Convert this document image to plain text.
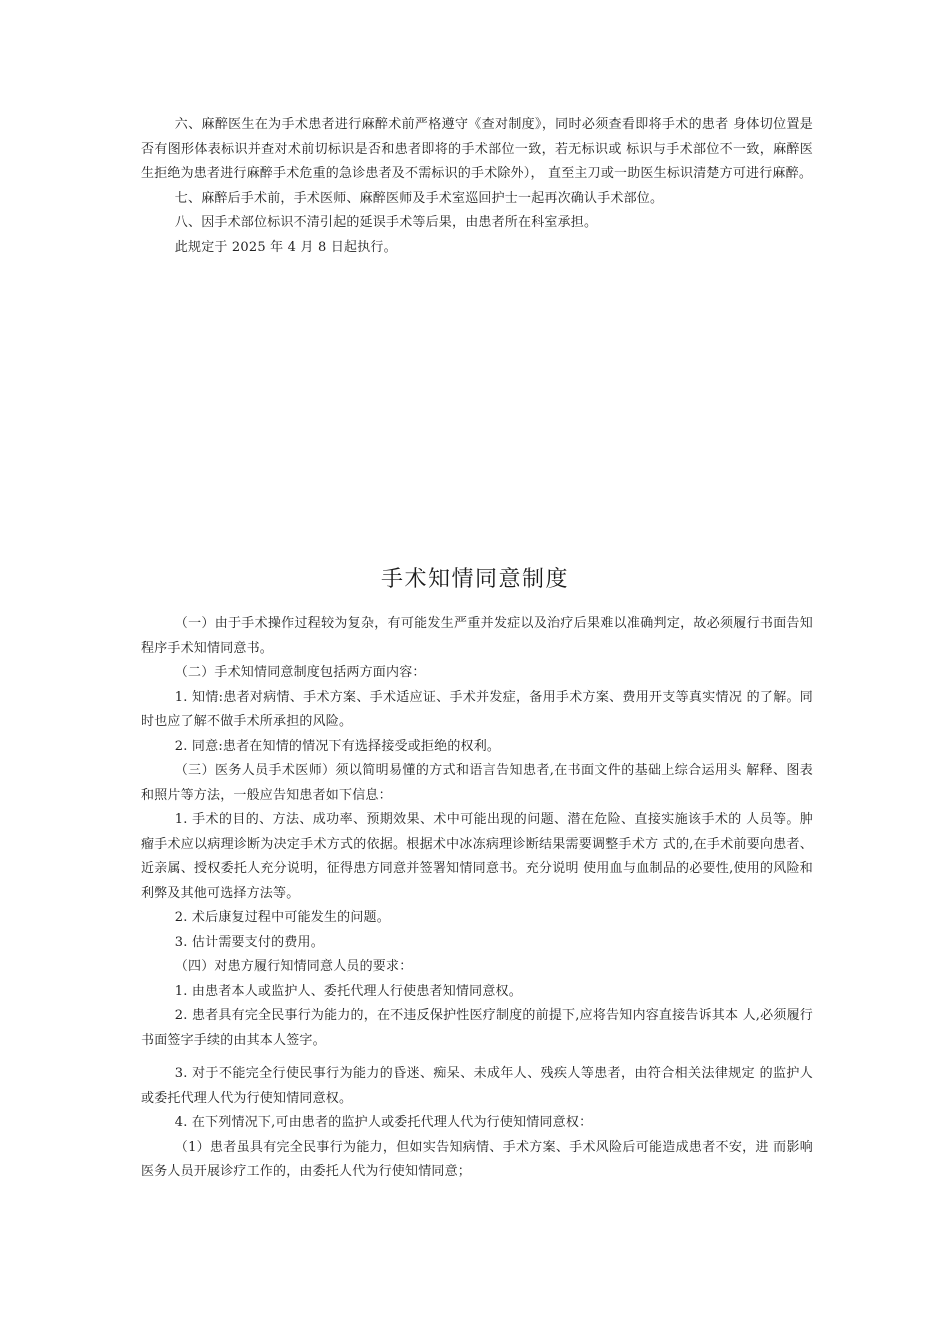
六、麻醉医生在为手术患者进行麻醉术前严格遵守《查对制度》，同时必须查看即将手术的患者 身体切位置是否有图形体表标识并查对术前切标识是否和患者即将的手术部位一致，若无标识或 标识与手术部位不一致，麻醉医生拒绝为患者进行麻醉手术危重的急诊患者及不需标识的手术除外）， 直至主刀或一助医生标识清楚方可进行麻醉。

七、麻醉后手术前，手术医师、麻醉医师及手术室巡回护士一起再次确认手术部位。

八、因手术部位标识不清引起的延误手术等后果，由患者所在科室承担。

此规定于 2025 年 4 月 8 日起执行。

手术知情同意制度

（一）由于手术操作过程较为复杂，有可能发生严重并发症以及治疗后果难以准确判定，故必须履行书面告知程序手术知情同意书。

（二）手术知情同意制度包括两方面内容：

1. 知情:患者对病情、手术方案、手术适应证、手术并发症，备用手术方案、费用开支等真实情况 的了解。同时也应了解不做手术所承担的风险。

2. 同意:患者在知情的情况下有选择接受或拒绝的权利。

（三）医务人员手术医师）须以简明易懂的方式和语言告知患者,在书面文件的基础上综合运用头 解释、图表和照片等方法，一般应告知患者如下信息：

1. 手术的目的、方法、成功率、预期效果、术中可能出现的问题、潜在危险、直接实施该手术的 人员等。肿瘤手术应以病理诊断为决定手术方式的依据。根据术中冰冻病理诊断结果需要调整手术方 式的,在手术前要向患者、近亲属、授权委托人充分说明，征得患方同意并签署知情同意书。充分说明 使用血与血制品的必要性,使用的风险和利弊及其他可选择方法等。

2. 术后康复过程中可能发生的问题。

3. 估计需要支付的费用。

（四）对患方履行知情同意人员的要求：

1. 由患者本人或监护人、委托代理人行使患者知情同意权。

2. 患者具有完全民事行为能力的，在不违反保护性医疗制度的前提下,应将告知内容直接告诉其本 人,必须履行书面签字手续的由其本人签字。

3. 对于不能完全行使民事行为能力的昏迷、痴呆、未成年人、残疾人等患者，由符合相关法律规定 的监护人或委托代理人代为行使知情同意权。

4. 在下列情况下,可由患者的监护人或委托代理人代为行使知情同意权：

（1）患者虽具有完全民事行为能力，但如实告知病情、手术方案、手术风险后可能造成患者不安，进 而影响医务人员开展诊疗工作的，由委托人代为行使知情同意；
